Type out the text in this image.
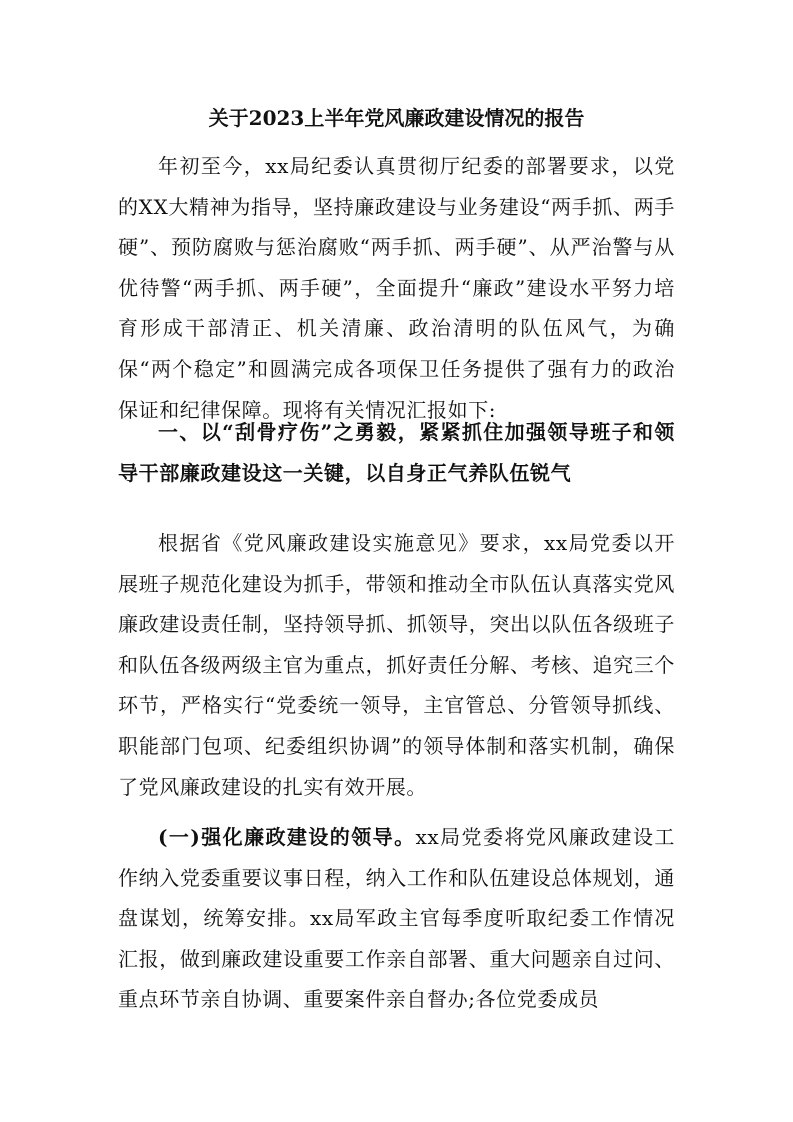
关于2023上半年党风廉政建设情况的报告

年初至今，xx局纪委认真贯彻厅纪委的部署要求，以党的XX大精神为指导，坚持廉政建设与业务建设“两手抓、两手硬”、预防腐败与惩治腐败“两手抓、两手硬”、从严治警与从优待警“两手抓、两手硬”，全面提升“廉政”建设水平努力培育形成干部清正、机关清廉、政治清明的队伍风气，为确保“两个稳定”和圆满完成各项保卫任务提供了强有力的政治保证和纪律保障。现将有关情况汇报如下:

一、以“刮骨疗伤”之勇毅，紧紧抓住加强领导班子和领导干部廉政建设这一关键，以自身正气养队伍锐气

根据省《党风廉政建设实施意见》要求，xx局党委以开展班子规范化建设为抓手，带领和推动全市队伍认真落实党风廉政建设责任制，坚持领导抓、抓领导，突出以队伍各级班子和队伍各级两级主官为重点，抓好责任分解、考核、追究三个环节，严格实行“党委统一领导，主官管总、分管领导抓线、职能部门包项、纪委组织协调”的领导体制和落实机制，确保了党风廉政建设的扎实有效开展。

(一)强化廉政建设的领导。xx局党委将党风廉政建设工作纳入党委重要议事日程，纳入工作和队伍建设总体规划，通盘谋划，统筹安排。xx局军政主官每季度听取纪委工作情况汇报，做到廉政建设重要工作亲自部署、重大问题亲自过问、重点环节亲自协调、重要案件亲自督办;各位党委成员
